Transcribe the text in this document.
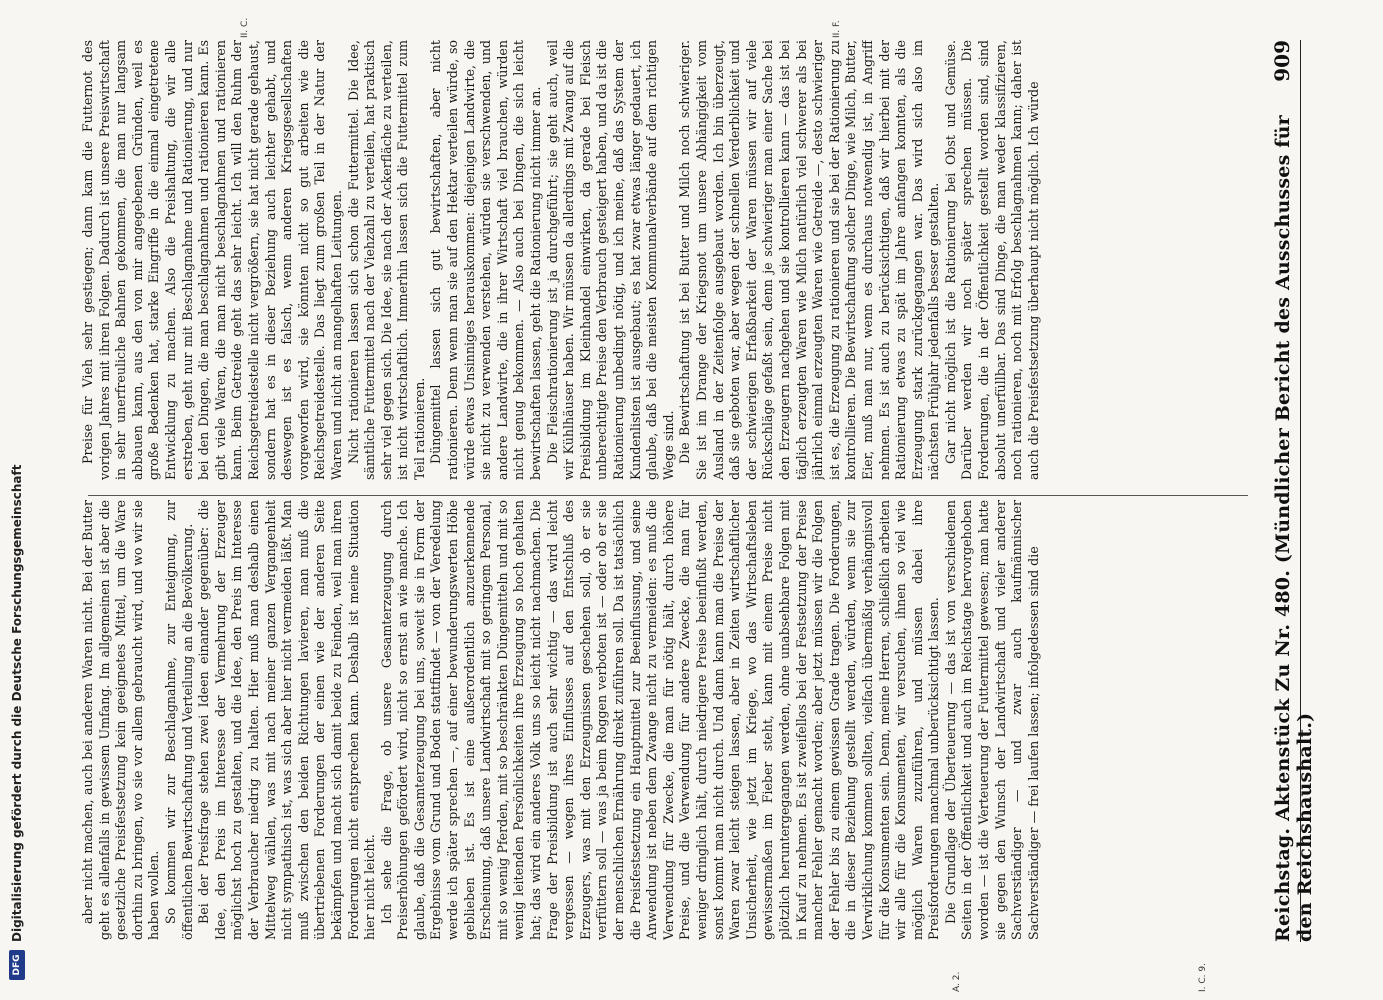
Reichstag. Aktenstück Zu Nr. 480. (Mündlicher Bericht des Ausschusses für den Reichshaushalt.)
909
I. C. 9.
A. 2.
II. F.
II. C.

aber nicht machen, auch bei anderen Waren nicht. Bei der Butter geht es allenfalls in gewissem Umfang. Im allgemeinen ist aber die gesetzliche Preisfestsetzung kein geeignetes Mittel, um die Ware dorthin zu bringen, wo sie vor allem gebraucht wird, und wo wir sie haben wollen. So kommen wir zur Beschlagnahme, zur Enteignung, zur öffentlichen Bewirtschaftung und Verteilung an die Bevölkerung. Bei der Preisfrage stehen zwei Ideen einander gegenüber: die Idee, den Preis im Interesse der Vermehrung der Erzeuger möglichst hoch zu gestalten, und die Idee, den Preis im Interesse der Verbraucher niedrig zu halten. Hier muß man deshalb einen Mittelweg wählen, was mit nach meiner ganzen Vergangenheit nicht sympathisch ist, was sich aber hier nicht vermeiden läßt. Man muß zwischen den beiden Richtungen lavieren, man muß die übertriebenen Forderungen der einen wie der anderen Seite bekämpfen und macht sich damit beide zu Feinden, weil man ihren Forderungen nicht entsprechen kann. Deshalb ist meine Situation hier nicht leicht. Ich sehe die Frage, ob unsere Gesamterzeugung durch Preiserhöhungen gefördert wird, nicht so ernst an wie manche. Ich glaube, daß die Gesamterzeugung bei uns, soweit sie in Form der Ergebnisse vom Grund und Boden stattfindet — von der Veredelung werde ich später sprechen —, auf einer bewunderungswerten Höhe geblieben ist. Es ist eine außerordentlich anzuerkennende Erscheinung, daß unsere Landwirtschaft mit so geringem Personal, mit so wenig Pferden, mit so beschränkten Düngemitteln und mit so wenig leitenden Persönlichkeiten ihre Erzeugung so hoch gehalten hat; das wird ein anderes Volk uns so leicht nicht nachmachen. Die Frage der Preisbildung ist auch sehr wichtig — das wird leicht vergessen — wegen ihres Einflusses auf den Entschluß des Erzeugers, was mit den Erzeugnissen geschehen soll, ob er sie verfüttern soll — was ja beim Roggen verboten ist — oder ob er sie der menschlichen Ernährung direkt zuführen soll. Da ist tatsächlich die Preisfestsetzung ein Hauptmittel zur Beeinflussung, und seine Anwendung ist neben dem Zwange nicht zu vermeiden: es muß die Verwendung für Zwecke, die man für nötig hält, durch höhere Preise, und die Verwendung für andere Zwecke, die man für weniger dringlich hält, durch niedrigere Preise beeinflußt werden, sonst kommt man nicht durch. Und dann kann man die Preise der Waren zwar leicht steigen lassen, aber in Zeiten wirtschaftlicher Unsicherheit, wie jetzt im Kriege, wo das Wirtschaftsleben gewissermaßen im Fieber steht, kann mit einem Preise nicht plötzlich heruntergegangen werden, ohne unabsehbare Folgen mit in Kauf zu nehmen. Es ist zweifellos bei der Festsetzung der Preise mancher Fehler gemacht worden; aber jetzt müssen wir die Folgen der Fehler bis zu einem gewissen Grade tragen. Die Forderungen, die in dieser Beziehung gestellt werden, würden, wenn sie zur Verwirklichung kommen sollten, vielfach übermäßig verhängnisvoll für die Konsumenten sein. Denn, meine Herren, schließlich arbeiten wir alle für die Konsumenten, wir versuchen, ihnen so viel wie möglich Waren zuzuführen, und müssen dabei ihre Preisforderungen manchmal unberücksichtigt lassen. Die Grundlage der Überteuerung — das ist von verschiedenen Seiten in der Öffentlichkeit und auch im Reichstage hervorgehoben worden — ist die Verteuerung der Futtermittel gewesen; man hatte sie gegen den Wunsch der Landwirtschaft und vieler anderer Sachverständiger — und zwar auch kaufmännischer Sachverständiger — frei laufen lassen; infolgedessen sind die

Preise für Vieh sehr gestiegen; dann kam die Futternot des vorigen Jahres mit ihren Folgen. Dadurch ist unsere Preiswirtschaft in sehr unerfreuliche Bahnen gekommen, die man nur langsam abbauen kann, aus den von mir angegebenen Gründen, weil es große Bedenken hat, starke Eingriffe in die einmal eingetretene Entwicklung zu machen. Also die Preishaltung, die wir alle erstreben, geht nur mit Beschlagnahme und Rationierung, und nur bei den Dingen, die man beschlagnahmen und rationieren kann. Es gibt viele Waren, die man nicht beschlagnahmen und rationieren kann. Beim Getreide geht das sehr leicht. Ich will den Ruhm der Reichsgetreidestelle nicht vergrößern, sie hat nicht gerade gehaust, sondern hat es in dieser Beziehung auch leichter gehabt, und deswegen ist es falsch, wenn anderen Kriegsgesellschaften vorgeworfen wird, sie könnten nicht so gut arbeiten wie die Reichsgetreidestelle. Das liegt zum großen Teil in der Natur der Waren und nicht an mangelhaften Leitungen. Nicht rationieren lassen sich schon die Futtermittel. Die Idee, sämtliche Futtermittel nach der Viehzahl zu verteilen, hat praktisch sehr viel gegen sich. Die Idee, sie nach der Ackerfläche zu verteilen, ist nicht wirtschaftlich. Immerhin lassen sich die Futtermittel zum Teil rationieren. Düngemittel lassen sich gut bewirtschaften, aber nicht rationieren. Denn wenn man sie auf den Hektar verteilen würde, so würde etwas Unsinniges herauskommen: diejenigen Landwirte, die sie nicht zu verwenden verstehen, würden sie verschwenden, und andere Landwirte, die in ihrer Wirtschaft viel brauchen, würden nicht genug bekommen. — Also auch bei Dingen, die sich leicht bewirtschaften lassen, geht die Rationierung nicht immer an. Die Fleischrationierung ist ja durchgeführt; sie geht auch, weil wir Kühlhäuser haben. Wir müssen da allerdings mit Zwang auf die Preisbildung im Kleinhandel einwirken, da gerade bei Fleisch unberechtigte Preise den Verbrauch gesteigert haben, und da ist die Rationierung unbedingt nötig, und ich meine, daß das System der Kundenlisten ist ausgebaut; es hat zwar etwas länger gedauert, ich glaube, daß bei die meisten Kommunalverbände auf dem richtigen Wege sind. Die Bewirtschaftung ist bei Butter und Milch noch schwieriger. Sie ist im Drange der Kriegsnot um unsere Abhängigkeit vom Ausland in der Zeitenfolge ausgebaut worden. Ich bin überzeugt, daß sie geboten war, aber wegen der schnellen Verderblichkeit und der schwierigen Erfaßbarkeit der Waren müssen wir auf viele Rückschläge gefaßt sein, denn je schwieriger man einer Sache bei den Erzeugern nachgehen und sie kontrollieren kann — das ist bei täglich erzeugten Waren wie Milch natürlich viel schwerer als bei jährlich einmal erzeugten Waren wie Getreide —, desto schwieriger ist es, die Erzeugung zu rationieren und sie bei der Rationierung zu kontrollieren. Die Bewirtschaftung solcher Dinge, wie Milch, Butter, Eier, muß man nur, wenn es durchaus notwendig ist, in Angriff nehmen. Es ist auch zu berücksichtigen, daß wir hierbei mit der Rationierung etwas zu spät im Jahre anfangen konnten, als die Erzeugung stark zurückgegangen war. Das wird sich also im nächsten Frühjahr jedenfalls besser gestalten. Gar nicht möglich ist die Rationierung bei Obst und Gemüse. Darüber werden wir noch später sprechen müssen. Die Forderungen, die in der Öffentlichkeit gestellt worden sind, sind absolut unerfüllbar. Das sind Dinge, die man weder klassifizieren, noch rationieren, noch mit Erfolg beschlagnahmen kann; daher ist auch die Preisfestsetzung überhaupt nicht möglich. Ich würde

DFG
Digitalisierung gefördert durch die Deutsche Forschungsgemeinschaft
